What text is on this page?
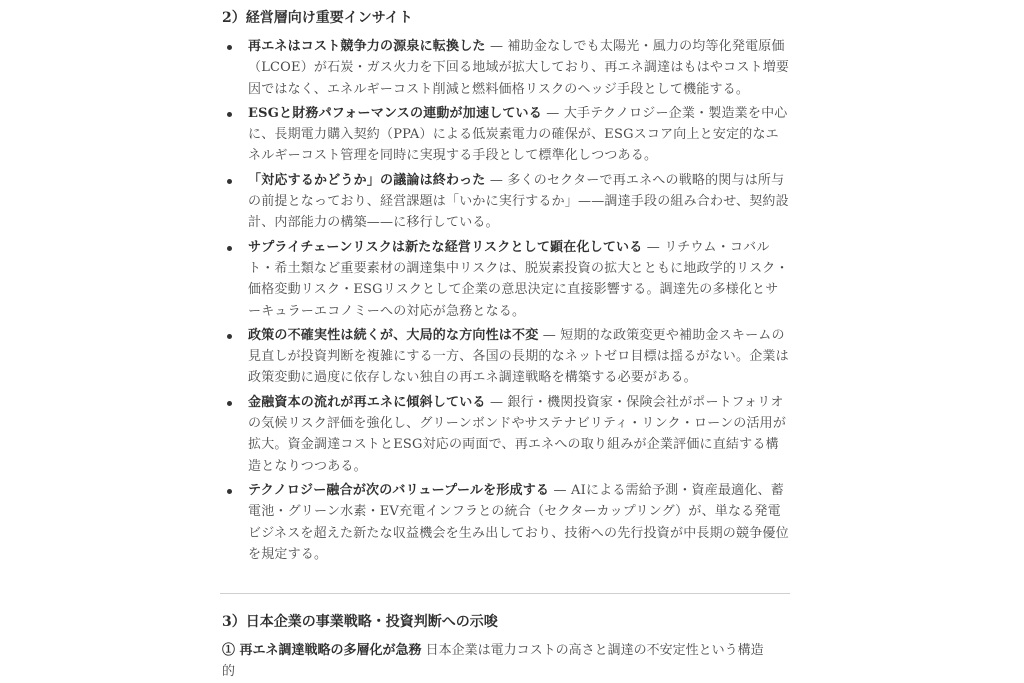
2）経営層向け重要インサイト
再エネはコスト競争力の源泉に転換した — 補助金なしでも太陽光・風力の均等化発電原価（LCOE）が石炭・ガス火力を下回る地域が拡大しており、再エネ調達はもはやコスト増要因ではなく、エネルギーコスト削減と燃料価格リスクのヘッジ手段として機能する。
ESGと財務パフォーマンスの連動が加速している — 大手テクノロジー企業・製造業を中心に、長期電力購入契約（PPA）による低炭素電力の確保が、ESGスコア向上と安定的なエネルギーコスト管理を同時に実現する手段として標準化しつつある。
「対応するかどうか」の議論は終わった — 多くのセクターで再エネへの戦略的関与は所与の前提となっており、経営課題は「いかに実行するか」——調達手段の組み合わせ、契約設計、内部能力の構築——に移行している。
サプライチェーンリスクは新たな経営リスクとして顕在化している — リチウム・コバルト・希土類など重要素材の調達集中リスクは、脱炭素投資の拡大とともに地政学的リスク・価格変動リスク・ESGリスクとして企業の意思決定に直接影響する。調達先の多様化とサーキュラーエコノミーへの対応が急務となる。
政策の不確実性は続くが、大局的な方向性は不変 — 短期的な政策変更や補助金スキームの見直しが投資判断を複雑にする一方、各国の長期的なネットゼロ目標は揺るがない。企業は政策変動に過度に依存しない独自の再エネ調達戦略を構築する必要がある。
金融資本の流れが再エネに傾斜している — 銀行・機関投資家・保険会社がポートフォリオの気候リスク評価を強化し、グリーンボンドやサステナビリティ・リンク・ローンの活用が拡大。資金調達コストとESG対応の両面で、再エネへの取り組みが企業評価に直結する構造となりつつある。
テクノロジー融合が次のバリュープールを形成する — AIによる需給予測・資産最適化、蓄電池・グリーン水素・EV充電インフラとの統合（セクターカップリング）が、単なる発電ビジネスを超えた新たな収益機会を生み出しており、技術への先行投資が中長期の競争優位を規定する。
3）日本企業の事業戦略・投資判断への示唆

① 再エネ調達戦略の多層化が急務 日本企業は電力コストの高さと調達の不安定性という構造的
